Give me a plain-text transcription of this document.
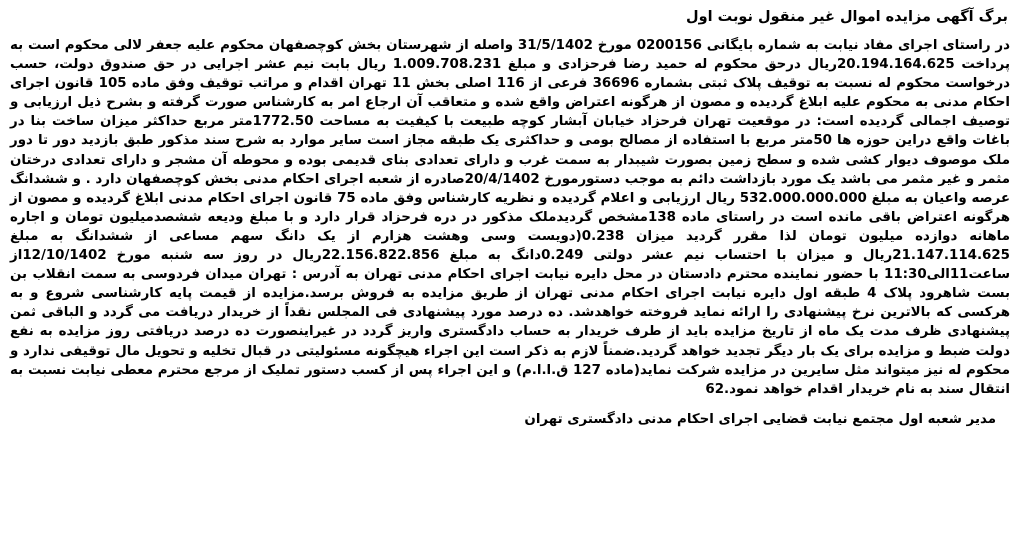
برگ آگهی مزایده اموال غیر منقول نوبت اول

در راستای اجرای مفاد نیابت به شماره بایگانی 0200156 مورخ 31/5/1402 واصله از شهرستان بخش کوچصفهان محکوم علیه جعفر لالی محکوم است به پرداخت 20.194.164.625ریال درحق محکوم له حمید رضا فرحزادی و مبلغ 1.009.708.231 ریال بابت نیم عشر اجرایی در حق صندوق دولت، حسب درخواست محکوم له نسبت به توقیف پلاک ثبتی بشماره 36696 فرعی از 116 اصلی بخش 11 تهران اقدام و مراتب توقیف وفق ماده 105 قانون اجرای احکام مدنی به محکوم علیه ابلاغ گردیده و مصون از هرگونه اعتراض واقع شده و متعاقب آن ارجاع امر به کارشناس صورت گرفته و بشرح ذیل ارزیابی و توصیف اجمالی گردیده است: در موقعیت تهران فرحزاد خیابان آبشار کوچه طبیعت با کیفیت به مساحت 1772.50متر مربع حداکثر میزان ساخت بنا در باغات واقع دراین حوزه ها 50متر مربع با استفاده از مصالح بومی و حداکثری یک طبقه مجاز است سایر موارد به شرح سند مذکور طبق بازدید دور تا دور ملک موصوف دیوار کشی شده و سطح زمین بصورت شیبدار به سمت غرب و دارای تعدادی بنای قدیمی بوده و محوطه آن مشجر و دارای تعدادی درختان مثمر و غیر مثمر می باشد یک مورد بازداشت دائم به موجب دستورمورخ 20/4/1402صادره از شعبه اجرای احکام مدنی بخش کوچصفهان دارد . و ششدانگ عرصه واعیان به مبلغ 532.000.000.000 ریال ارزیابی و اعلام گردیده و نظریه کارشناس وفق ماده 75 قانون اجرای احکام مدنی ابلاغ گردیده و مصون از هرگونه اعتراض باقی مانده است در راستای ماده 138مشخص گردیدملک مذکور در دره فرحزاد قرار دارد و با مبلغ ودیعه ششصدمیلیون تومان و اجاره ماهانه دوازده میلیون تومان لذا مقرر گردید میزان 0.238(دویست وسی وهشت هزارم از یک دانگ سهم مساعی از ششدانگ به مبلغ 21.147.114.625ریال و میزان با احتساب نیم عشر دولتی 0.249دانگ به مبلغ 22.156.822.856ریال در روز سه شنبه مورخ 12/10/1402از ساعت11الی11:30 با حضور نماینده محترم دادستان در محل دایره نیابت اجرای احکام مدنی تهران به آدرس : تهران میدان فردوسی به سمت انقلاب بن بست شاهرود پلاک 4 طبقه اول دایره نیابت اجرای احکام مدنی تهران از طریق مزایده به فروش برسد.مزایده از قیمت پایه کارشناسی شروع و به هرکسی که بالاترین نرخ پیشنهادی را ارائه نماید فروخته خواهدشد. ده درصد مورد پیشنهادی فی المجلس نقداً از خریدار دریافت می گردد و الباقی ثمن پیشنهادی ظرف مدت یک ماه از تاریخ مزایده باید از طرف خریدار به حساب دادگستری واریز گردد در غیراینصورت ده درصد دریافتی روز مزایده به نفع دولت ضبط و مزایده برای یک بار دیگر تجدید خواهد گردید.ضمناً لازم به ذکر است این اجراء هیچگونه مسئولیتی در قبال تخلیه و تحویل مال توقیفی ندارد و محکوم له نیز میتواند مثل سایرین در مزایده شرکت نماید(ماده 127 ق.ا.ا.م) و این اجراء پس از کسب دستور تملیک از مرجع محترم معطی نیابت نسبت به انتقال سند به نام خریدار اقدام خواهد نمود.62

مدیر شعبه اول مجتمع نیابت قضایی اجرای احکام مدنی دادگستری تهران
